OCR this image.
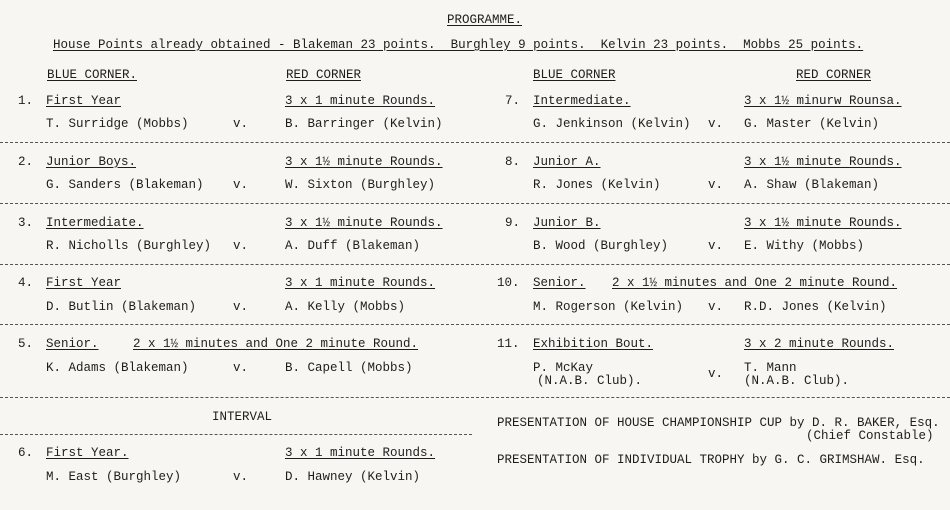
PROGRAMME.
House Points already obtained - Blakeman 23 points.  Burghley 9 points.  Kelvin 23 points.  Mobbs 25 points.
BLUE CORNER.	RED CORNER	BLUE CORNER	RED CORNER
1. First Year	3 x 1 minute Rounds.
T. Surridge (Mobbs)	v.	B. Barringer (Kelvin)
7. Intermediate.	3 x 1½ minurw Rounsa.
G. Jenkinson (Kelvin) v. G. Master (Kelvin)
2. Junior Boys.	3 x 1½ minute Rounds.
G. Sanders (Blakeman) v.	W. Sixton (Burghley)
8. Junior A.	3 x 1½ minute Rounds.
R. Jones (Kelvin)	v. A. Shaw (Blakeman)
3. Intermediate.	3 x 1½ minute Rounds.
R. Nicholls (Burghley) v.	A. Duff (Blakeman)
9. Junior B.	3 x 1½ minute Rounds.
B. Wood (Burghley)	v. E. Withy (Mobbs)
4. First Year	3 x 1 minute Rounds.
D. Butlin (Blakeman)	v.	A. Kelly (Mobbs)
10. Senior. 2 x 1½ minutes and One 2 minute Round.
M. Rogerson (Kelvin) v. R.D. Jones (Kelvin)
5. Senior.	2 x 1½ minutes and One 2 minute Round.
K. Adams (Blakeman)	v.	B. Capell (Mobbs)
11. Exhibition Bout.	3 x 2 minute Rounds.
P. McKay
(N.A.B. Club).	v. T. Mann
(N.A.B. Club).
INTERVAL
6. First Year.	3 x 1 minute Rounds.
M. East (Burghley)	v.	D. Hawney (Kelvin)
PRESENTATION OF HOUSE CHAMPIONSHIP CUP by D. R. BAKER, Esq.
(Chief Constable)
PRESENTATION OF INDIVIDUAL TROPHY by G. C. GRIMSHAW. Esq.
